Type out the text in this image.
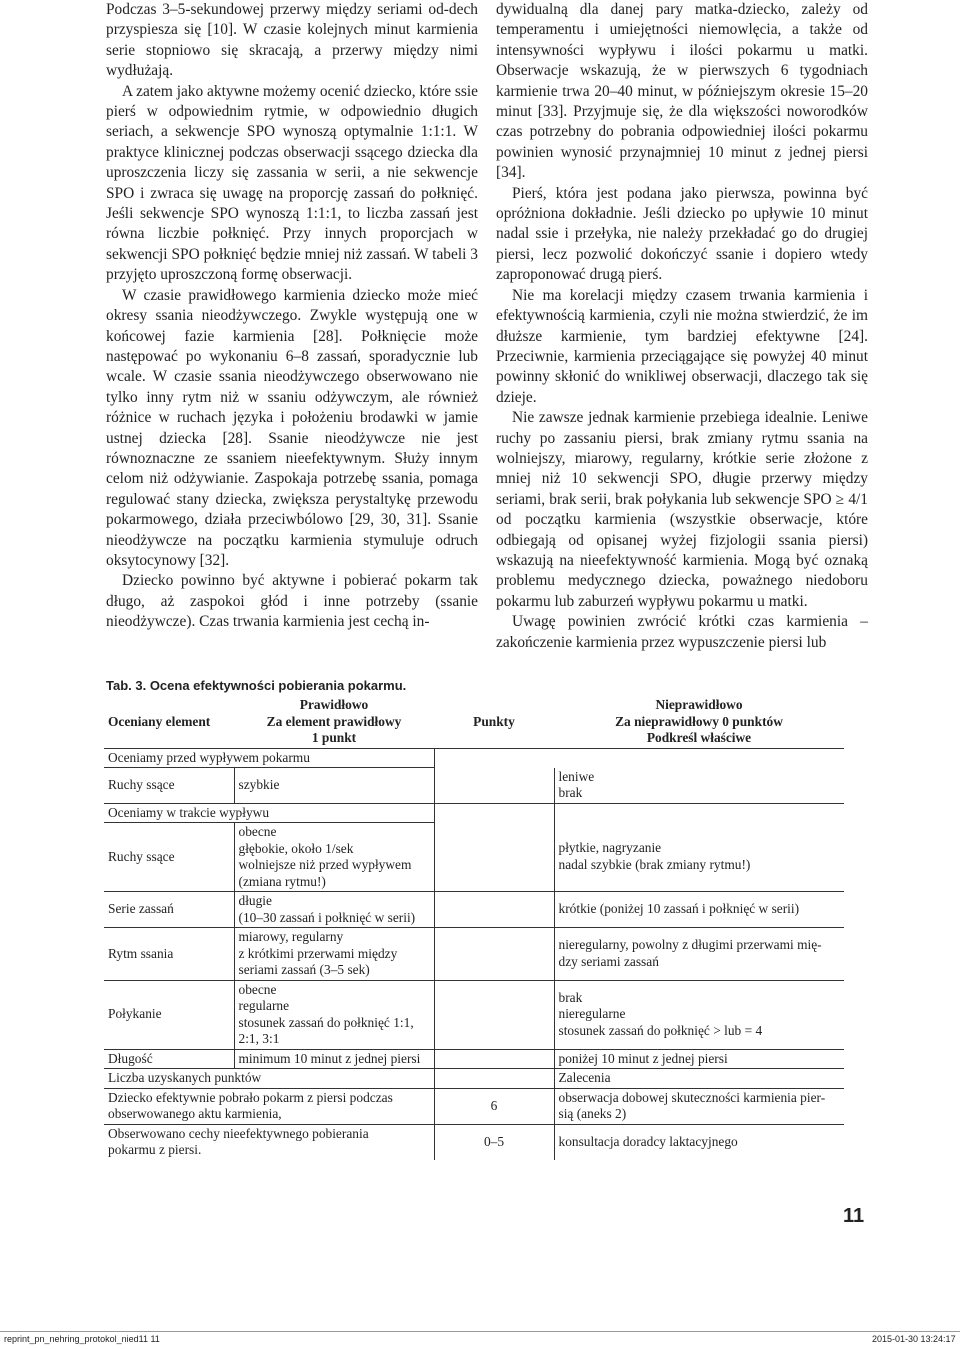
Podczas 3–5-sekundowej przerwy między seriami od-dech przyspiesza się [10]. W czasie kolejnych minut karmienia serie stopniowo się skracają, a przerwy między nimi wydłużają.

A zatem jako aktywne możemy ocenić dziecko, które ssie pierś w odpowiednim rytmie, w odpowiednio długich seriach, a sekwencje SPO wynoszą optymalnie 1:1:1. W praktyce klinicznej podczas obserwacji ssącego dziecka dla uproszczenia liczy się zassania w serii, a nie sekwencje SPO i zwraca się uwagę na proporcję zassań do połknięć. Jeśli sekwencje SPO wynoszą 1:1:1, to liczba zassań jest równa liczbie połknięć. Przy innych proporcjach w sekwencji SPO połknięć będzie mniej niż zassań. W tabeli 3 przyjęto uproszczoną formę obserwacji.

W czasie prawidłowego karmienia dziecko może mieć okresy ssania nieodżywczego. Zwykle występują one w końcowej fazie karmienia [28]. Połknięcie może następować po wykonaniu 6–8 zassań, sporadycznie lub wcale. W czasie ssania nieodżywczego obserwowano nie tylko inny rytm niż w ssaniu odżywczym, ale również różnice w ruchach języka i położeniu brodawki w jamie ustnej dziecka [28]. Ssanie nieodżywcze nie jest równoznaczne ze ssaniem nieefektywnym. Służy innym celom niż odżywianie. Zaspokaja potrzebę ssania, pomaga regulować stany dziecka, zwiększa perystaltykę przewodu pokarmowego, działa przeciwbólowo [29, 30, 31]. Ssanie nieodżywcze na początku karmienia stymuluje odruch oksytocynowy [32].

Dziecko powinno być aktywne i pobierać pokarm tak długo, aż zaspokoi głód i inne potrzeby (ssanie nieodżywcze). Czas trwania karmienia jest cechą in-

dywidualną dla danej pary matka-dziecko, zależy od temperamentu i umiejętności niemowlęcia, a także od intensywności wypływu i ilości pokarmu u matki. Obserwacje wskazują, że w pierwszych 6 tygodniach karmienie trwa 20–40 minut, w późniejszym okresie 15–20 minut [33]. Przyjmuje się, że dla większości noworodków czas potrzebny do pobrania odpowiedniej ilości pokarmu powinien wynosić przynajmniej 10 minut z jednej piersi [34].

Pierś, która jest podana jako pierwsza, powinna być opróżniona dokładnie. Jeśli dziecko po upływie 10 minut nadal ssie i przełyka, nie należy przekładać go do drugiej piersi, lecz pozwolić dokończyć ssanie i dopiero wtedy zaproponować drugą pierś.

Nie ma korelacji między czasem trwania karmienia i efektywnością karmienia, czyli nie można stwierdzić, że im dłuższe karmienie, tym bardziej efektywne [24]. Przeciwnie, karmienia przeciągające się powyżej 40 minut powinny skłonić do wnikliwej obserwacji, dlaczego tak się dzieje.

Nie zawsze jednak karmienie przebiega idealnie. Leniwe ruchy po zassaniu piersi, brak zmiany rytmu ssania na wolniejszy, miarowy, regularny, krótkie serie złożone z mniej niż 10 sekwencji SPO, długie przerwy między seriami, brak serii, brak połykania lub sekwencje SPO ≥ 4/1 od początku karmienia (wszystkie obserwacje, które odbiegają od opisanej wyżej fizjologii ssania piersi) wskazują na nieefektywność karmienia. Mogą być oznaką problemu medycznego dziecka, poważnego niedoboru pokarmu lub zaburzeń wypływu pokarmu u matki.

Uwagę powinien zwrócić krótki czas karmienia – zakończenie karmienia przez wypuszczenie piersi lub

Tab. 3. Ocena efektywności pobierania pokarmu.
Oceniany element	Prawidłowo
Za element prawidłowy
1 punkt	Punkty	Nieprawidłowo
Za nieprawidłowy 0 punktów
Podkreśl właściwe
Oceniamy przed wypływem pokarmu			
Ruchy ssące	szybkie		leniwe
brak
Oceniamy w trakcie wypływu			
Ruchy ssące	obecne
głębokie, około 1/sek
wolniejsze niż przed wypływem
(zmiana rytmu!)		płytkie, nagryzanie
nadal szybkie (brak zmiany rytmu!)
Serie zassań	długie
(10–30 zassań i połknięć w serii)		krótkie (poniżej 10 zassań i połknięć w serii)
Rytm ssania	miarowy, regularny
z krótkimi przerwami między
seriami zassań (3–5 sek)		nieregularny, powolny z długimi przerwami mię-
dzy seriami zassań
Połykanie	obecne
regularne
stosunek zassań do połknięć 1:1,
2:1, 3:1		brak
nieregularne
stosunek zassań do połknięć > lub = 4
Długość	minimum 10 minut z jednej piersi		poniżej 10 minut z jednej piersi
Liczba uzyskanych punktów			Zalecenia
Dziecko efektywnie pobrało pokarm z piersi podczas
obserwowanego aktu karmienia,		6	obserwacja dobowej skuteczności karmienia pier-
sią (aneks 2)
Obserwowano cechy nieefektywnego pobierania
pokarmu z piersi.		0–5	konsultacja doradcy laktacyjnego
11
reprint_pn_nehring_protokol_nied11 11	2015-01-30 13:24:17
